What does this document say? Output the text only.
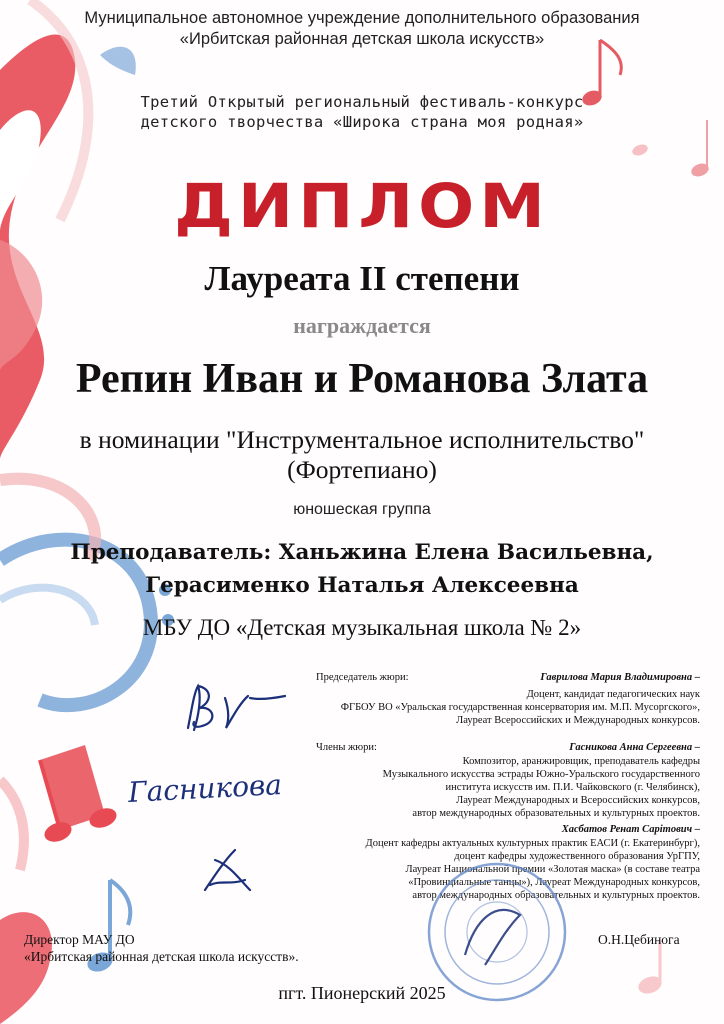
Муниципальное автономное учреждение дополнительного образования
«Ирбитская районная детская школа искусств»
Третий Открытый региональный фестиваль-конкурс
детского творчества «Широка страна моя родная»
ДИПЛОМ
Лауреата II степени
награждается
Репин Иван и Романова Злата
в номинации "Инструментальное исполнительство"
(Фортепиано)
юношеская группа
Преподаватель: Ханьжина Елена Васильевна,
Герасименко Наталья Алексеевна
МБУ ДО «Детская музыкальная школа № 2»
Председатель жюри:	Гаврилова Мария Владимировна –
Доцент, кандидат педагогических наук
ФГБОУ ВО «Уральская государственная консерватория им. М.П. Мусоргского»,
Лауреат Всероссийских и Международных конкурсов.
Члены жюри:	Гасникова Анна Сергеевна –
Композитор, аранжировщик, преподаватель кафедры
Музыкального искусства эстрады Южно-Уральского государственного
института искусств им. П.И. Чайковского (г. Челябинск),
Лауреат Международных и Всероссийских конкурсов,
автор международных образовательных и культурных проектов.
Хасбатов Ренат Сарimович –
Доцент кафедры актуальных культурных практик ЕАСИ (г. Екатеринбург),
доцент кафедры художественного образования УрГПУ,
Лауреат Национальной премии «Золотая маска» (в составе театра
«Провинциальные танцы»), Лауреат Международных конкурсов,
автор международных образовательных и культурных проектов.
Гасникова
Директор МАУ ДО
«Ирбитская районная детская школа искусств».
О.Н.Цебиногa
пгт. Пионерский 2025
